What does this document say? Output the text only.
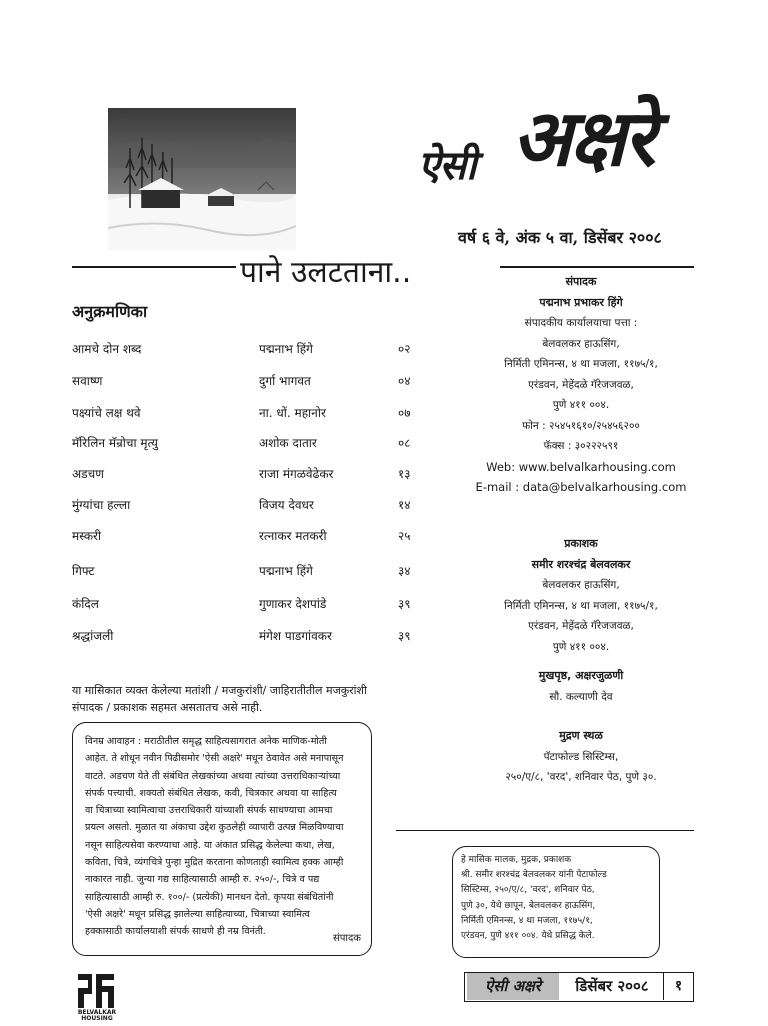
ऐसी अक्षरे
वर्ष ६ वे, अंक ५ वा, डिसेंबर २००८
पाने उलटताना..
अनुक्रमणिका
आमचे दोन शब्द	पद्मनाभ हिंगे	०२
सवाष्ण	दुर्गा भागवत	०४
पक्ष्यांचे लक्ष थवे	ना. धों. महानोर	०७
मॅरिलिन मॅन्रोचा मृत्यु	अशोक दातार	०८
अडचण	राजा मंगळवेढेकर	१३
मुंग्यांचा हल्ला	विजय देवधर	१४
मस्करी	रत्नाकर मतकरी	२५
गिफ्ट	पद्मनाभ हिंगे	३४
कंदिल	गुणाकर देशपांडे	३९
श्रद्धांजली	मंगेश पाडगांवकर	३९
या मासिकात व्यक्त केलेल्या मतांशी / मजकुरांशी/ जाहिरातीतील मजकुरांशी
संपादक / प्रकाशक सहमत असतातच असे नाही.
विनम्र आवाहन : मराठीतील समृद्ध साहित्यसागरात अनेक माणिक-मोती
आहेत. ते शोधून नवीन पिढीसमोर 'ऐसी अक्षरे' मधून ठेवावेत असे मनापासून
वाटते. अडचण येते ती संबंधित लेखकांच्या अथवा त्यांच्या उत्तराधिकाऱ्यांच्या
संपर्क पत्त्याची. शक्यतो संबंधित लेखक, कवी, चित्रकार अथवा या साहित्य
वा चित्राच्या स्वामित्वाचा उत्तराधिकारी यांच्याशी संपर्क साधण्याचा आमचा
प्रयत्न असतो. मुळात या अंकाचा उद्देश कुठलेही व्यापारी उत्पन्न मिळविण्याचा
नसून साहित्यसेवा करण्याचा आहे. या अंकात प्रसिद्ध केलेल्या कथा, लेख,
कविता, चित्रे, व्यंगचित्रे पुन्हा मुद्रित करताना कोणताही स्वामित्व हक्क आम्ही
नाकारत नाही. जुन्या गद्य साहित्यासाठी आम्ही रु. २५०/-, चित्रे व पद्य
साहित्यासाठी आम्ही रु. १००/- (प्रत्येकी) मानधन देतो. कृपया संबंधितांनी
'ऐसी अक्षरे' मधून प्रसिद्ध झालेल्या साहित्याच्या, चित्राच्या स्वामित्व
हक्कासाठी कार्यालयाशी संपर्क साधणे ही नम्र विनंती.
संपादक
संपादक
पद्मनाभ प्रभाकर हिंगे
संपादकीय कार्यालयाचा पत्ता :
बेलवलकर हाऊसिंग,
निर्मिती एमिनन्स, ४ था मजला, ११७५/१,
एरंडवन, मेहेंदळे गॅरेजजवळ,
पुणे ४११ ००४.
फोन : २५४५१६१०/२५४५६२००
फॅक्स : ३०२२२५९१
Web: www.belvalkarhousing.com
E-mail : data@belvalkarhousing.com
प्रकाशक
समीर शरश्चंद्र बेलवलकर
बेलवलकर हाऊसिंग,
निर्मिती एमिनन्स, ४ था मजला, ११७५/१,
एरंडवन, मेहेंदळे गॅरेजजवळ,
पुणे ४११ ००४.
मुखपृष्ठ, अक्षरजुळणी
सौ. कल्याणी देव
मुद्रण स्थळ
पॅटाफोल्ड सिस्टिम्स,
२५०/ए/८, 'वरद', शनिवार पेठ, पुणे ३०.
हे मासिक मालक, मुद्रक, प्रकाशक
श्री. समीर शरश्चंद्र बेलवलकर यांनी पेटाफोल्ड
सिस्टिम्स, २५०/ए/८, 'वरद', शनिवार पेठ,
पुणे ३०, येथे छापून, बेलवलकर हाऊसिंग,
निर्मिती एमिनन्स, ४ था मजला, ११७५/१,
एरंडवन, पुणे ४११ ००४. येथे प्रसिद्ध केले.
BELVALKAR HOUSING
ऐसी अक्षरे	डिसेंबर २००८	१
